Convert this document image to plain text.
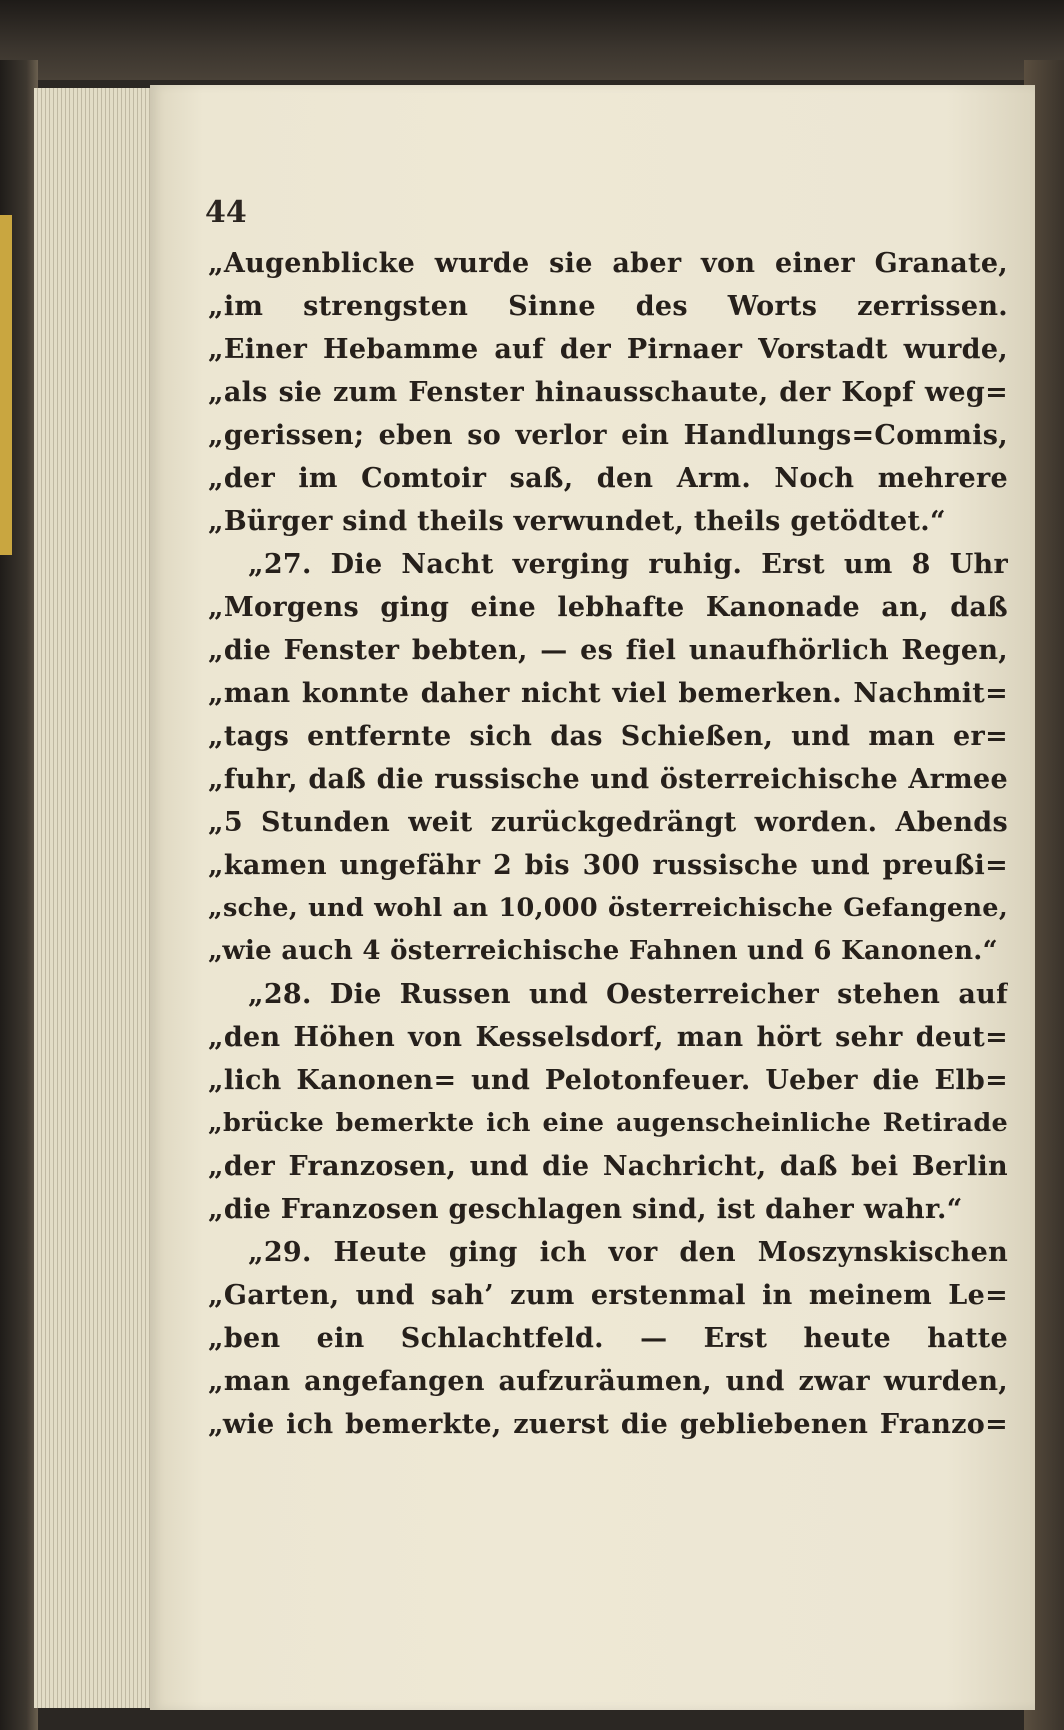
44
„Augenblicke wurde sie aber von einer Granate,
„im strengsten Sinne des Worts zerrissen.
„Einer Hebamme auf der Pirnaer Vorstadt wurde,
„als sie zum Fenster hinausschaute, der Kopf weg=
„gerissen; eben so verlor ein Handlungs=Commis,
„der im Comtoir saß, den Arm. Noch mehrere
„Bürger sind theils verwundet, theils getödtet.“
„27. Die Nacht verging ruhig. Erst um 8 Uhr
„Morgens ging eine lebhafte Kanonade an, daß
„die Fenster bebten, — es fiel unaufhörlich Regen,
„man konnte daher nicht viel bemerken. Nachmit=
„tags entfernte sich das Schießen, und man er=
„fuhr, daß die russische und österreichische Armee
„5 Stunden weit zurückgedrängt worden. Abends
„kamen ungefähr 2 bis 300 russische und preußi=
„sche, und wohl an 10,000 österreichische Gefangene,
„wie auch 4 österreichische Fahnen und 6 Kanonen.“
„28. Die Russen und Oesterreicher stehen auf
„den Höhen von Kesselsdorf, man hört sehr deut=
„lich Kanonen= und Pelotonfeuer. Ueber die Elb=
„brücke bemerkte ich eine augenscheinliche Retirade
„der Franzosen, und die Nachricht, daß bei Berlin
„die Franzosen geschlagen sind, ist daher wahr.“
„29. Heute ging ich vor den Moszynskischen
„Garten, und sah’ zum erstenmal in meinem Le=
„ben ein Schlachtfeld. — Erst heute hatte
„man angefangen aufzuräumen, und zwar wurden,
„wie ich bemerkte, zuerst die gebliebenen Franzo=
